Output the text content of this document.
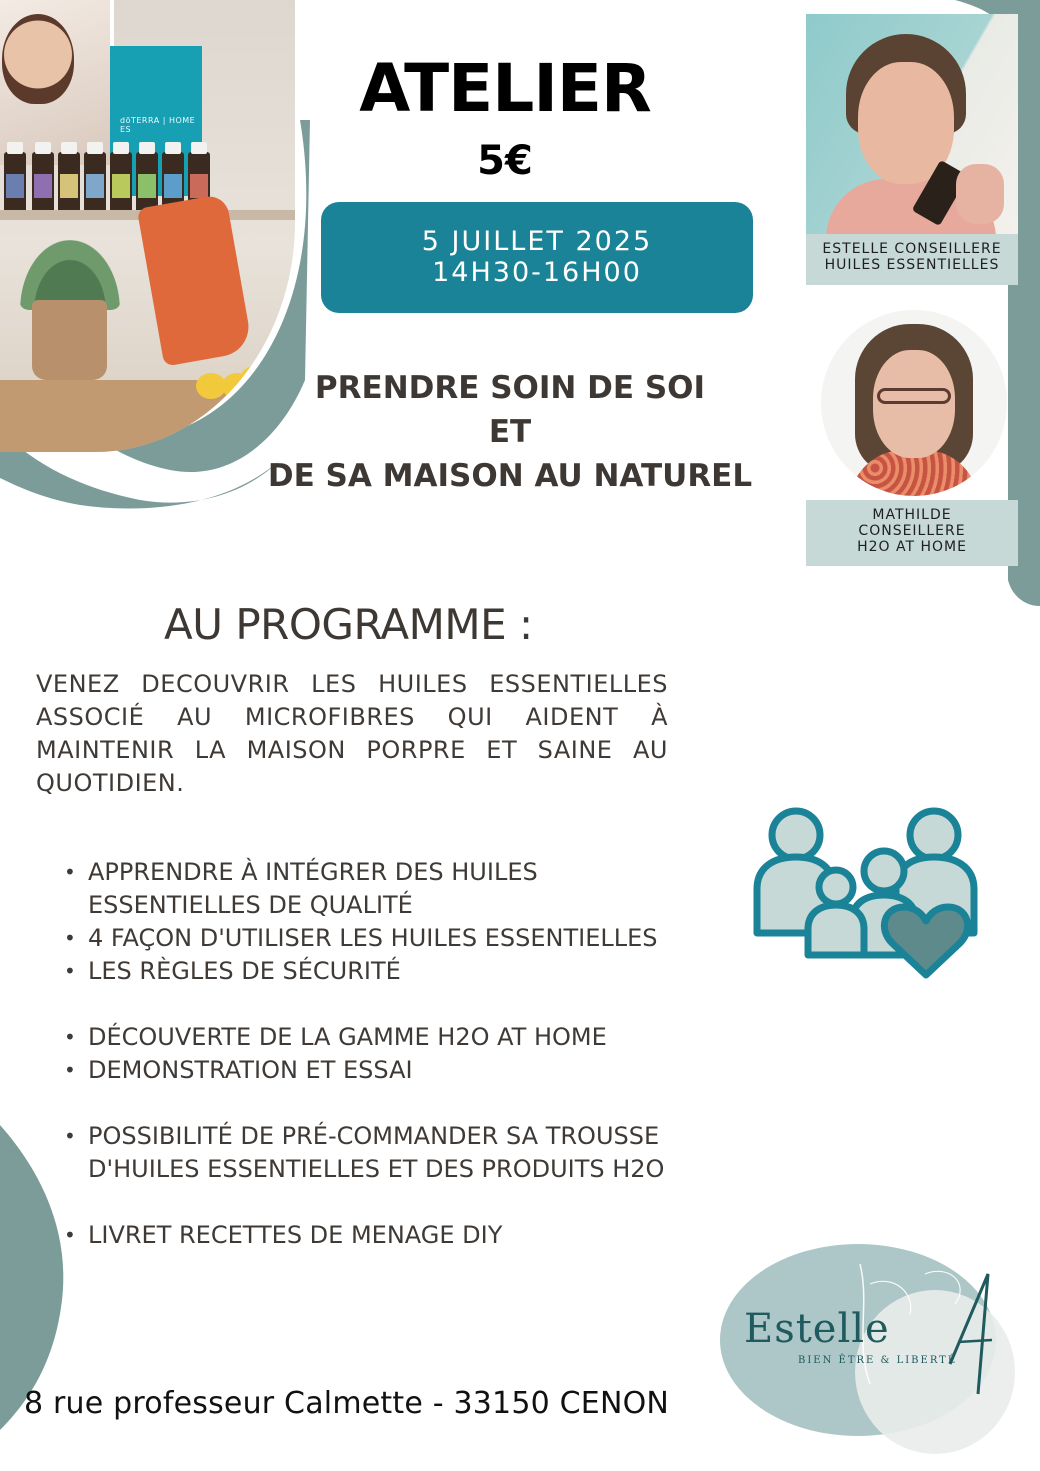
dōTERRA | HOME ES
ATELIER
5€
5 JUILLET 2025
14H30-16H00
PRENDRE SOIN DE SOI
ET
DE SA MAISON AU NATUREL
ESTELLE CONSEILLERE
HUILES ESSENTIELLES
MATHILDE
CONSEILLERE
H2O AT HOME
AU PROGRAMME :
VENEZ DECOUVRIR LES HUILES ESSENTIELLES ASSOCIÉ AU MICROFIBRES QUI AIDENT À MAINTENIR LA MAISON PORPRE ET SAINE AU QUOTIDIEN.
• APPRENDRE À INTÉGRER DES HUILES ESSENTIELLES DE QUALITÉ
• 4 FAÇON D'UTILISER LES HUILES ESSENTIELLES
• LES RÈGLES DE SÉCURITÉ
• DÉCOUVERTE DE LA GAMME H2O AT HOME
• DEMONSTRATION ET ESSAI
• POSSIBILITÉ DE PRÉ-COMMANDER SA TROUSSE D'HUILES ESSENTIELLES ET DES PRODUITS H2O
• LIVRET RECETTES DE MENAGE DIY
8 rue professeur Calmette - 33150 CENON
Estelle
BIEN ÊTRE & LIBERTÉ
